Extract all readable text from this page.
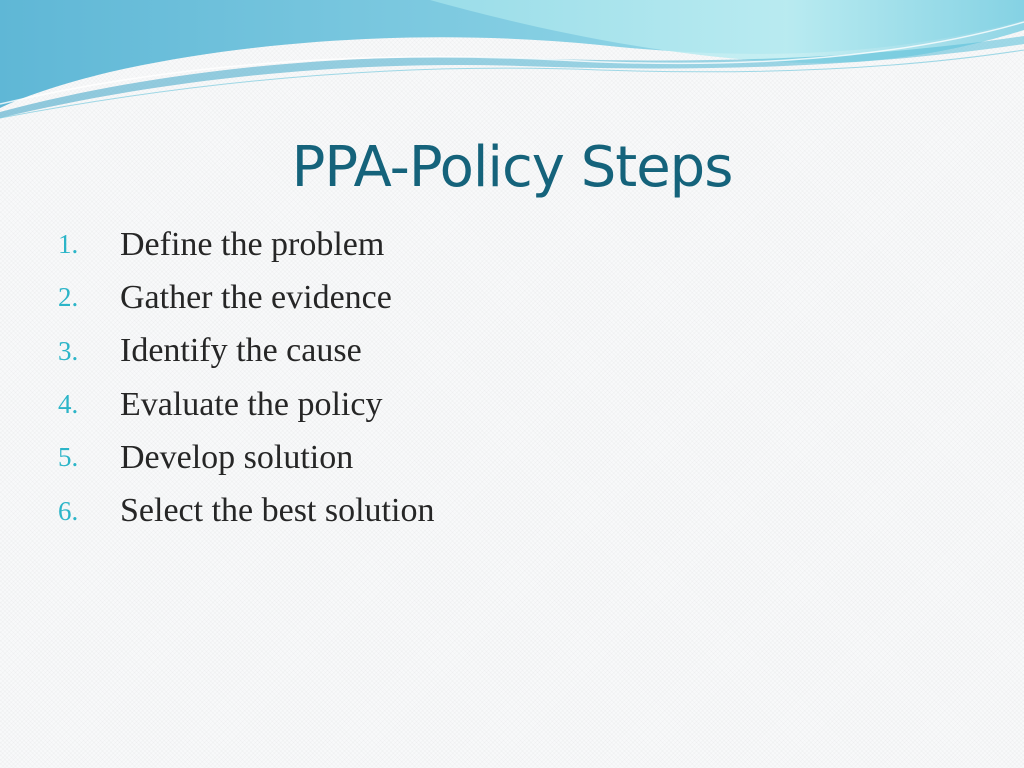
PPA-Policy Steps
1.	Define the problem
2.	Gather the evidence
3.	Identify the cause
4.	Evaluate the policy
5.	Develop solution
6.	Select the best solution
